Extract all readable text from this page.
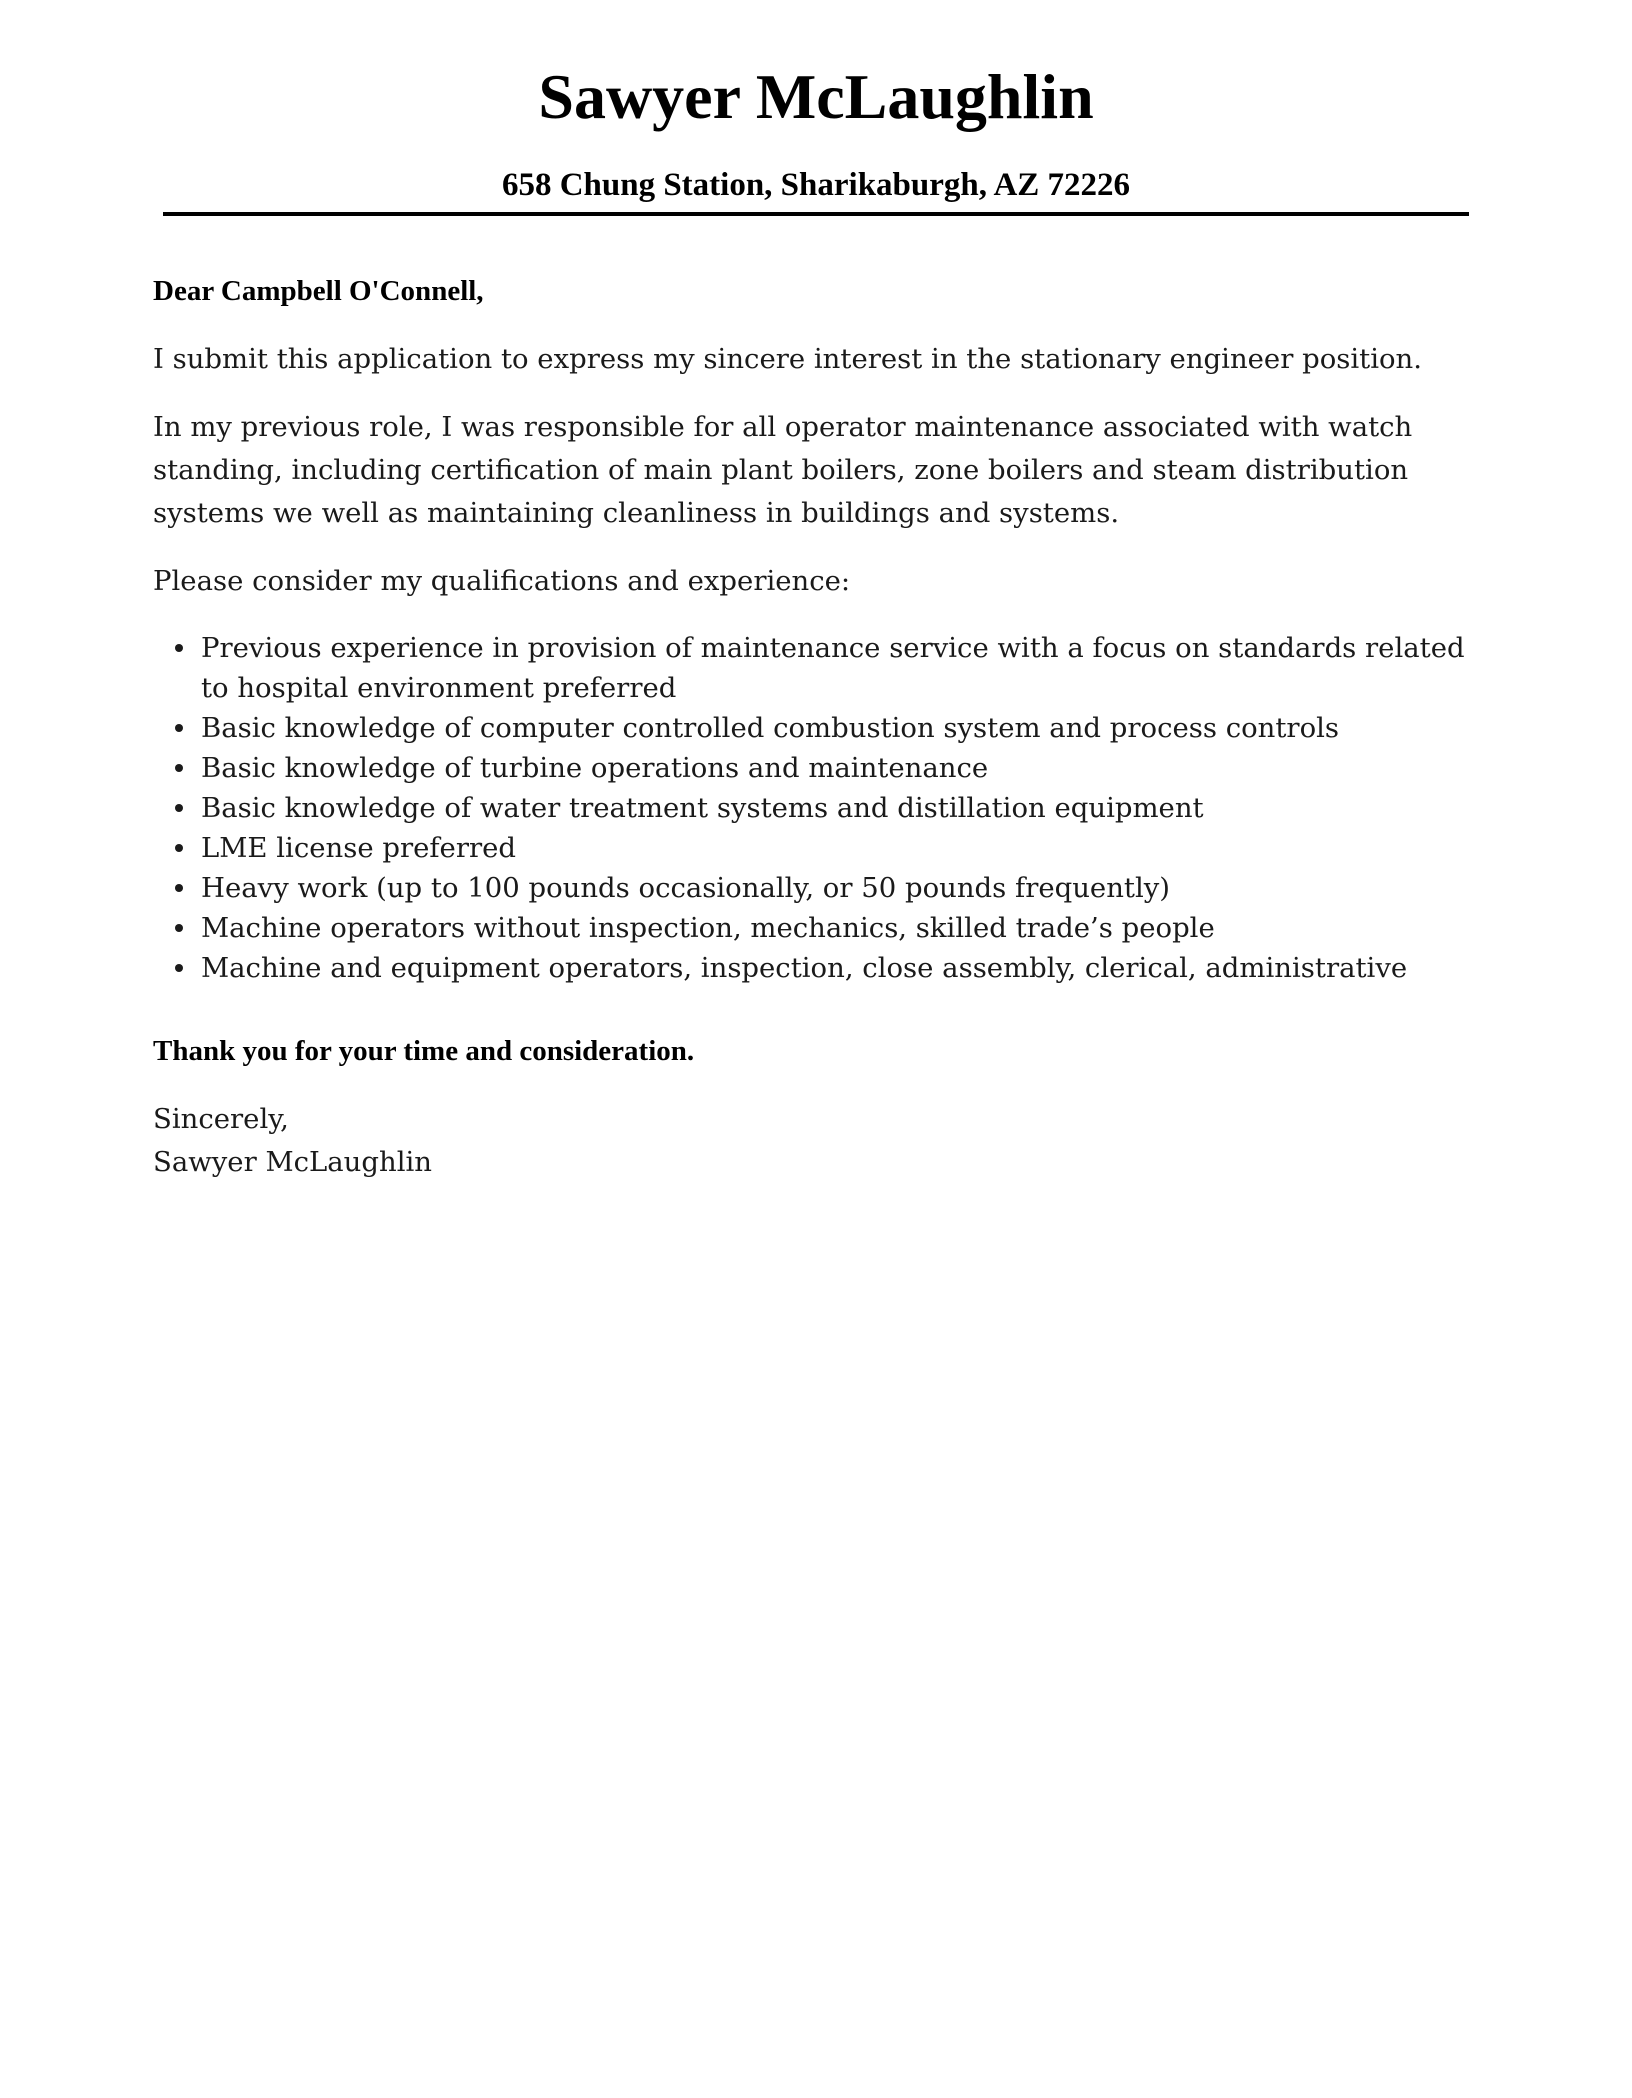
Sawyer McLaughlin
658 Chung Station, Sharikaburgh, AZ 72226

Dear Campbell O'Connell,

I submit this application to express my sincere interest in the stationary engineer position.

In my previous role, I was responsible for all operator maintenance associated with watch standing, including certification of main plant boilers, zone boilers and steam distribution systems we well as maintaining cleanliness in buildings and systems.

Please consider my qualifications and experience:

Previous experience in provision of maintenance service with a focus on standards related to hospital environment preferred
Basic knowledge of computer controlled combustion system and process controls
Basic knowledge of turbine operations and maintenance
Basic knowledge of water treatment systems and distillation equipment
LME license preferred
Heavy work (up to 100 pounds occasionally, or 50 pounds frequently)
Machine operators without inspection, mechanics, skilled trade’s people
Machine and equipment operators, inspection, close assembly, clerical, administrative

Thank you for your time and consideration.

Sincerely,

Sawyer McLaughlin
